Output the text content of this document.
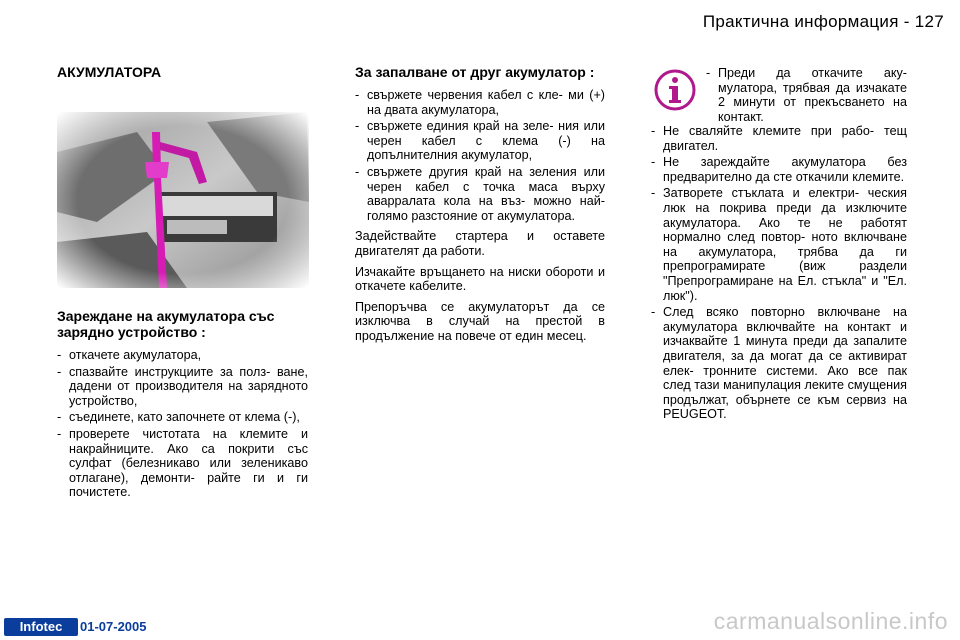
Практична информация - 127
АКУМУЛАТОРА
Зареждане на акумулатора със зарядно устройство :
- откачете акумулатора,
- спазвайте инструкциите за полз- ване, дадени от производителя на зарядното устройство,
- съединете, като започнете от клема (-),
- проверете чистотата на клемите и накрайниците. Ако са покрити със сулфат (белезникаво или зеленикаво отлагане), демонти- райте ги и ги почистете.
За запалване от друг акумулатор :
- свържете червения кабел с кле- ми (+) на двата акумулатора,
- свържете единия край на зеле- ния или черен кабел с клема (-) на допълнителния акумулатор,
- свържете другия край на зеления или черен кабел с точка маса върху аварралата кола на въз- можно най-голямо разстояние от акумулатора.

Задействайте стартера и оставете двигателят да работи.

Изчакайте връщането на ниски обороти и откачете кабелите.

Препоръчва се акумулаторът да се изключва в случай на престой в продължение на повече от един месец.

- Преди да откачите аку- мулатора, трябвая да изчакате 2 минути от прекъсването на контакт.
- Не сваляйте клемите при рабо- тещ двигател.
- Не зареждайте акумулатора без предварително да сте откачили клемите.
- Затворете стъклата и електри- ческия люк на покрива преди да изключите акумулатора. Ако те не работят нормално след повтор- ното включване на акумулатора, трябва да ги препрограмирате (виж раздели "Препрограмиране на Ел. стъкла" и "Ел. люк").
- След всяко повторно включване на акумулатора включвайте на контакт и изчаквайте 1 минута преди да запалите двигателя, за да могат да се активират елек- тронните системи. Ако все пак след тази манипулация леките смущения продължат, обърнете се към сервиз на PEUGEOT.
Infotec	01-07-2005	carmanualsonline.info
